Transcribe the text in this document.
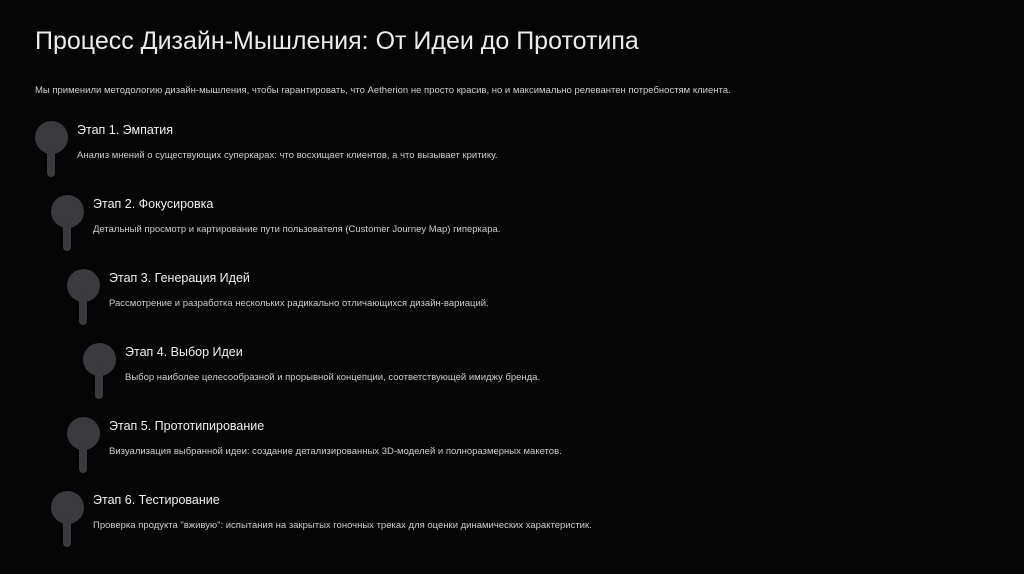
Процесс Дизайн-Мышления: От Идеи до Прототипа

Мы применили методологию дизайн-мышления, чтобы гарантировать, что Aetherion не просто красив, но и максимально релевантен потребностям клиента.

Этап 1. Эмпатия
Анализ мнений о существующих суперкарах: что восхищает клиентов, а что вызывает критику.
Этап 2. Фокусировка
Детальный просмотр и картирование пути пользователя (Customer Journey Map) гиперкара.
Этап 3. Генерация Идей
Рассмотрение и разработка нескольких радикально отличающихся дизайн-вариаций.
Этап 4. Выбор Идеи
Выбор наиболее целесообразной и прорывной концепции, соответствующей имиджу бренда.
Этап 5. Прототипирование
Визуализация выбранной идеи: создание детализированных 3D-моделей и полноразмерных макетов.
Этап 6. Тестирование
Проверка продукта "вживую": испытания на закрытых гоночных треках для оценки динамических характеристик.
